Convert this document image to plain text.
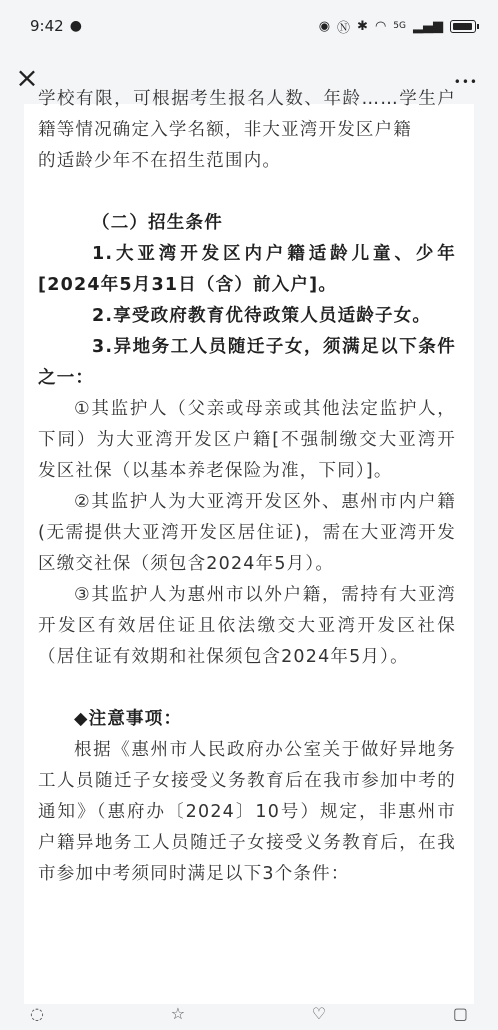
9:42 ●	◉ Ⓝ ✱ ◠ 5G ▂▄▆
×	•••
学校有限，可根据考生报名人数、年龄……学生户籍等情况确定入学名额，非大亚湾开发区户籍
的适龄少年不在招生范围内。
（二）招生条件
1.大亚湾开发区内户籍适龄儿童、少年[2024年5月31日（含）前入户]。
2.享受政府教育优待政策人员适龄子女。
3.异地务工人员随迁子女，须满足以下条件之一：
①其监护人（父亲或母亲或其他法定监护人，下同）为大亚湾开发区户籍[不强制缴交大亚湾开发区社保（以基本养老保险为准，下同）]。
②其监护人为大亚湾开发区外、惠州市内户籍(无需提供大亚湾开发区居住证)，需在大亚湾开发区缴交社保（须包含2024年5月）。
③其监护人为惠州市以外户籍，需持有大亚湾开发区有效居住证且依法缴交大亚湾开发区社保（居住证有效期和社保须包含2024年5月）。
◆注意事项：
根据《惠州市人民政府办公室关于做好异地务工人员随迁子女接受义务教育后在我市参加中考的通知》（惠府办〔2024〕10号）规定，非惠州市户籍异地务工人员随迁子女接受义务教育后，在我市参加中考须同时满足以下3个条件：
◌	☆	♡	▢
